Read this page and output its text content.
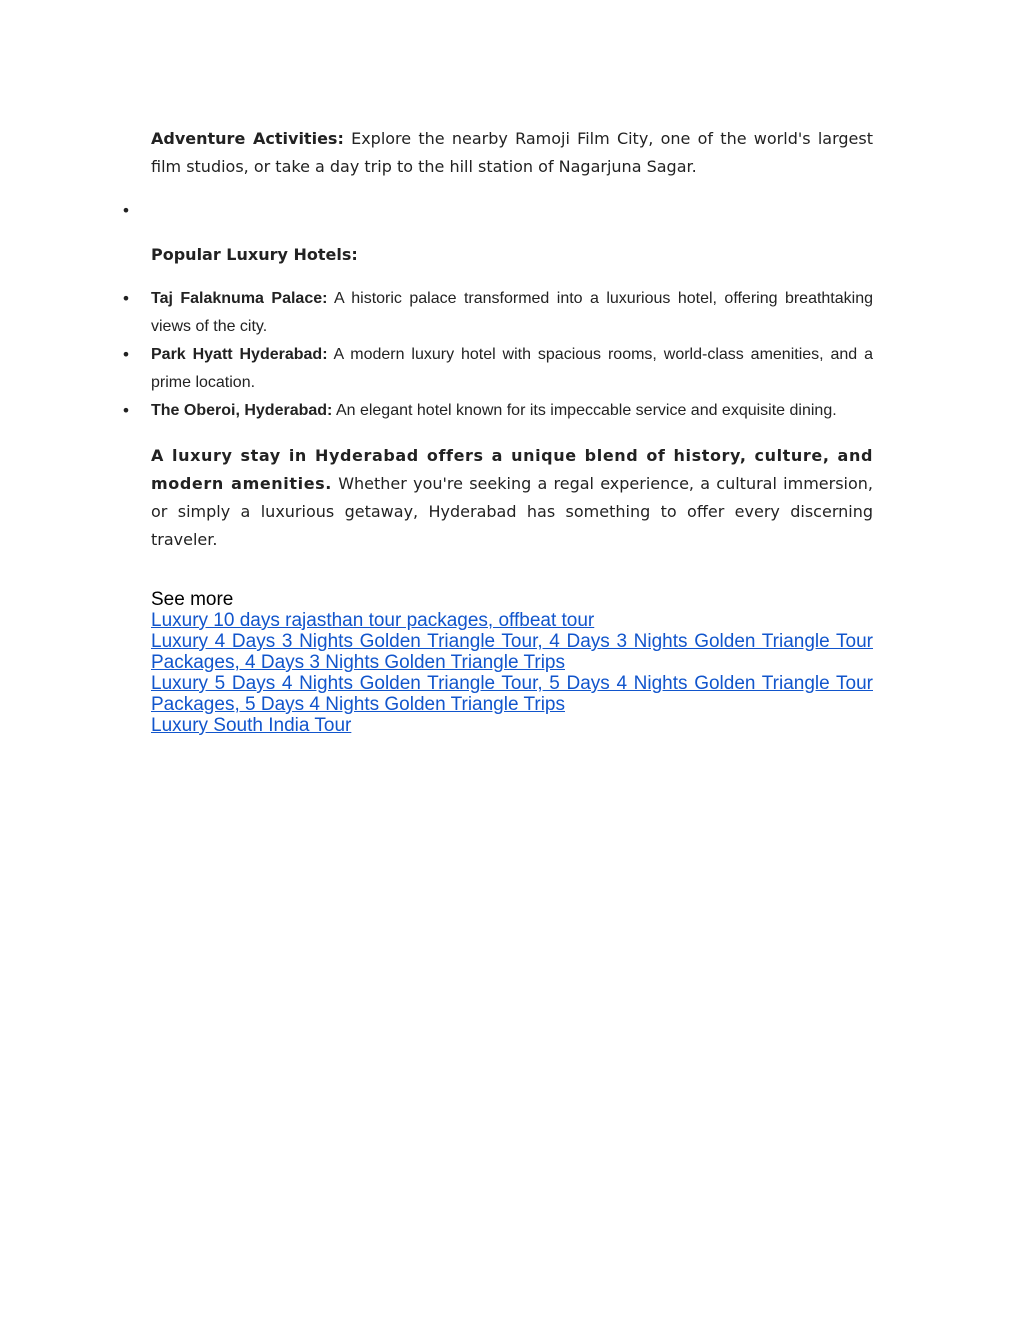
Adventure Activities: Explore the nearby Ramoji Film City, one of the world's largest film studios, or take a day trip to the hill station of Nagarjuna Sagar.

•
Popular Luxury Hotels:
• Taj Falaknuma Palace: A historic palace transformed into a luxurious hotel, offering breathtaking views of the city.
• Park Hyatt Hyderabad: A modern luxury hotel with spacious rooms, world-class amenities, and a prime location.
• The Oberoi, Hyderabad: An elegant hotel known for its impeccable service and exquisite dining.

A luxury stay in Hyderabad offers a unique blend of history, culture, and modern amenities. Whether you're seeking a regal experience, a cultural immersion, or simply a luxurious getaway, Hyderabad has something to offer every discerning traveler.

See more
Luxury 10 days rajasthan tour packages, offbeat tour
Luxury 4 Days 3 Nights Golden Triangle Tour, 4 Days 3 Nights Golden Triangle Tour Packages, 4 Days 3 Nights Golden Triangle Trips
Luxury 5 Days 4 Nights Golden Triangle Tour, 5 Days 4 Nights Golden Triangle Tour Packages, 5 Days 4 Nights Golden Triangle Trips
Luxury South India Tour
